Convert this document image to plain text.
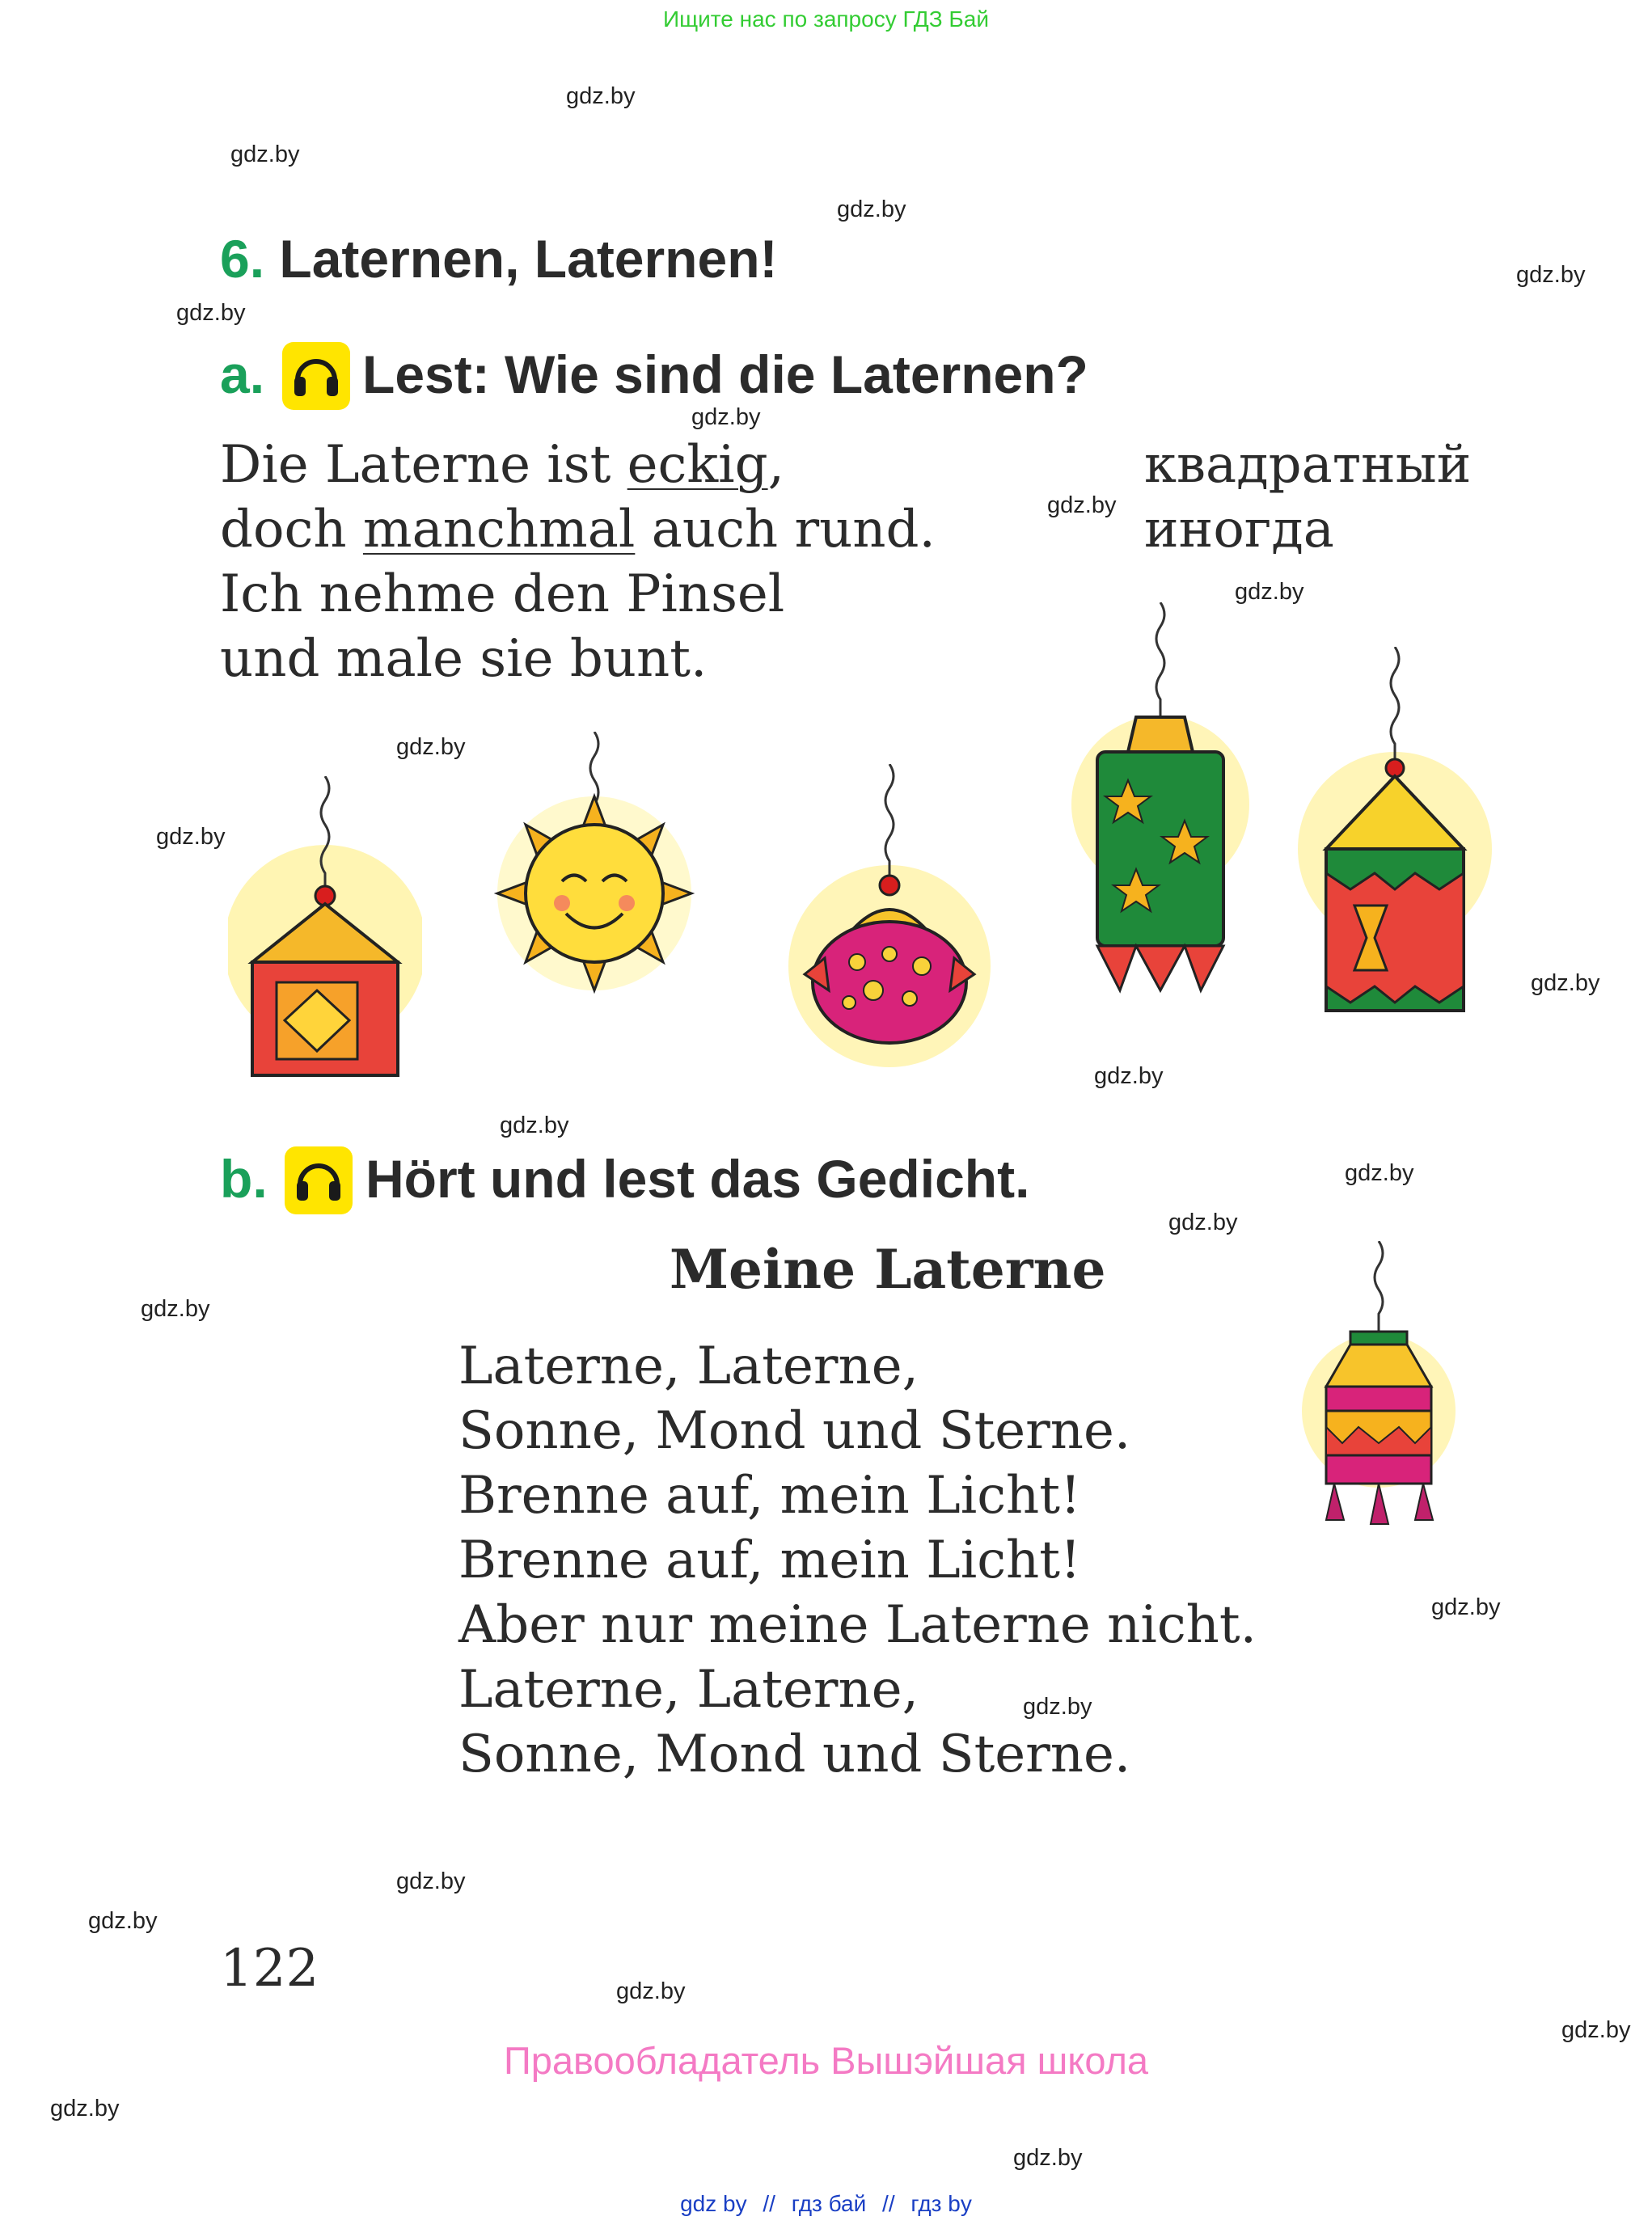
Ищите нас по запросу ГДЗ Бай
gdz.by
gdz.by
gdz.by
gdz.by
gdz.by
gdz.by
gdz.by
gdz.by
gdz.by
gdz.by
gdz.by
gdz.by
gdz.by
gdz.by
gdz.by
gdz.by
gdz.by
gdz.by
gdz.by
gdz.by
gdz.by
gdz.by
gdz.by
gdz.by
6. Laternen, Laternen!
a. Lest: Wie sind die Laternen?
Die Laterne ist eckig,
doch manchmal auch rund.
Ich nehme den Pinsel
und male sie bunt.
квадратный
иногда
b. Hört und lest das Gedicht.
Meine Laterne
Laterne, Laterne,
Sonne, Mond und Sterne.
Brenne auf, mein Licht!
Brenne auf, mein Licht!
Aber nur meine Laterne nicht.
Laterne, Laterne,
Sonne, Mond und Sterne.
122
Правообладатель Вышэйшая школа
gdz by // гдз бай // гдз by
